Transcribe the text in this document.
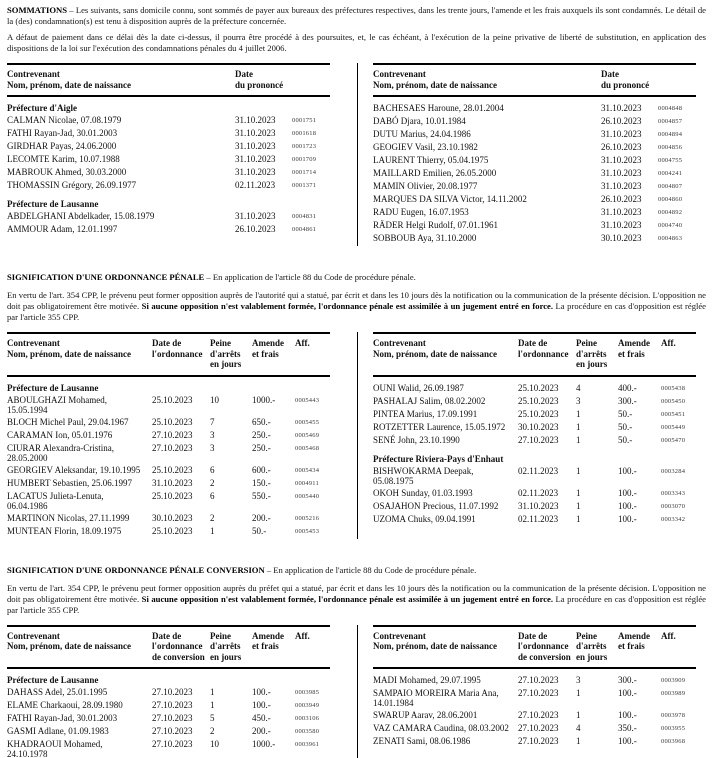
SOMMATIONS – Les suivants, sans domicile connu, sont sommés de payer aux bureaux des préfectures respectives, dans les trente jours, l'amende et les frais auxquels ils sont condamnés. Le détail de la (des) condamnation(s) est tenu à disposition auprès de la préfecture concernée.

A défaut de paiement dans ce délai dès la date ci-dessus, il pourra être procédé à des poursuites, et, le cas échéant, à l'exécution de la peine privative de liberté de substitution, en application des dispositions de la loi sur l'exécution des condamnations pénales du 4 juillet 2006.

Contrevenant
Nom, prénom, date de naissance
Date
du prononcé
Préfecture d'Aigle
CALMAN Nicolae, 07.08.1979	31.10.2023	0001751
FATHI Rayan-Jad, 30.01.2003	31.10.2023	0001618
GIRDHAR Payas, 24.06.2000	31.10.2023	0001723
LECOMTE Karim, 10.07.1988	31.10.2023	0001709
MABROUK Ahmed, 30.03.2000	31.10.2023	0001714
THOMASSIN Grégory, 26.09.1977	02.11.2023	0001371
Préfecture de Lausanne
ABDELGHANI Abdelkader, 15.08.1979	31.10.2023	0004831
AMMOUR Adam, 12.01.1997	26.10.2023	0004861
Contrevenant
Nom, prénom, date de naissance
Date
du prononcé
BACHESAES Haroune, 28.01.2004	31.10.2023	0004848
DABÓ Djara, 10.01.1984	26.10.2023	0004857
DUTU Marius, 24.04.1986	31.10.2023	0004894
GEOGIEV Vasil, 23.10.1982	26.10.2023	0004856
LAURENT Thierry, 05.04.1975	31.10.2023	0004755
MAILLARD Emilien, 26.05.2000	31.10.2023	0004241
MAMIN Olivier, 20.08.1977	31.10.2023	0004807
MARQUES DA SILVA Victor, 14.11.2002	26.10.2023	0004860
RADU Eugen, 16.07.1953	31.10.2023	0004892
RÄDER Helgi Rudolf, 07.01.1961	31.10.2023	0004740
SOBBOUB Aya, 31.10.2000	30.10.2023	0004863

SIGNIFICATION D'UNE ORDONNANCE PÉNALE – En application de l'article 88 du Code de procédure pénale.

En vertu de l'art. 354 CPP, le prévenu peut former opposition auprès de l'autorité qui a statué, par écrit et dans les 10 jours dès la notification ou la communication de la présente décision. L'opposition ne doit pas obligatoirement être motivée. Si aucune opposition n'est valablement formée, l'ordonnance pénale est assimilée à un jugement entré en force. La procédure en cas d'opposition est réglée par l'article 355 CPP.

Contrevenant
Nom, prénom, date de naissance
Date de
l'ordonnance
Peine
d'arrêts
en jours
Amende
et frais
Aff.
Préfecture de Lausanne
ABOULGHAZI Mohamed,
15.05.1994
25.10.2023	10	1000.-	0005443
BLOCH Michel Paul, 29.04.1967	25.10.2023	7	650.-	0005455
CARAMAN Ion, 05.01.1976	27.10.2023	3	250.-	0005469
CIURAR Alexandra-Cristina,
28.05.2000
27.10.2023	3	250.-	0005468
GEORGIEV Aleksandar, 19.10.1995	25.10.2023	6	600.-	0005434
HUMBERT Sebastien, 25.06.1997	31.10.2023	2	150.-	0004911
LACATUS Julieta-Lenuta,
06.04.1986
25.10.2023	6	550.-	0005440
MARTINON Nicolas, 27.11.1999	30.10.2023	2	200.-	0005216
MUNTEAN Florin, 18.09.1975	25.10.2023	1	50.-	0005453
Contrevenant
Nom, prénom, date de naissance
Date de
l'ordonnance
Peine
d'arrêts
en jours
Amende
et frais
Aff.
OUNI Walid, 26.09.1987	25.10.2023	4	400.-	0005438
PASHALAJ Salim, 08.02.2002	25.10.2023	3	300.-	0005450
PINTEA Marius, 17.09.1991	25.10.2023	1	50.-	0005451
ROTZETTER Laurence, 15.05.1972	30.10.2023	1	50.-	0005449
SENÉ John, 23.10.1990	27.10.2023	1	50.-	0005470
Préfecture Riviera-Pays d'Enhaut
BISHWOKARMA Deepak,
05.08.1975
02.11.2023	1	100.-	0003284
OKOH Sunday, 01.03.1993	02.11.2023	1	100.-	0003343
OSAJAHON Precious, 11.07.1992	31.10.2023	1	100.-	0003070
UZOMA Chuks, 09.04.1991	02.11.2023	1	100.-	0003342

SIGNIFICATION D'UNE ORDONNANCE PÉNALE CONVERSION – En application de l'article 88 du Code de procédure pénale.

En vertu de l'art. 354 CPP, le prévenu peut former opposition auprès du préfet qui a statué, par écrit et dans les 10 jours dès la notification ou la communication de la présente décision. L'opposition ne doit pas obligatoirement être motivée. Si aucune opposition n'est valablement formée, l'ordonnance pénale est assimilée à un jugement entré en force. La procédure en cas d'opposition est réglée par l'article 355 CPP.

Contrevenant
Nom, prénom, date de naissance
Date de
l'ordonnance
de conversion
Peine
d'arrêts
en jours
Amende
et frais
Aff.
Préfecture de Lausanne
DAHASS Adel, 25.01.1995	27.10.2023	1	100.-	0003985
ELAME Charkaoui, 28.09.1980	27.10.2023	1	100.-	0003949
FATHI Rayan-Jad, 30.01.2003	27.10.2023	5	450.-	0003106
GASMI Adlane, 01.09.1983	27.10.2023	2	200.-	0003580
KHADRAOUI Mohamed,
24.10.1978
27.10.2023	10	1000.-	0003961
Contrevenant
Nom, prénom, date de naissance
Date de
l'ordonnance
de conversion
Peine
d'arrêts
en jours
Amende
et frais
Aff.
MADI Mohamed, 29.07.1995	27.10.2023	3	300.-	0003909
SAMPAIO MOREIRA Maria Ana,
14.01.1984
27.10.2023	1	100.-	0003989
SWARUP Aarav, 28.06.2001	27.10.2023	1	100.-	0003978
VAZ CAMARA Caudina, 08.03.2002	27.10.2023	4	350.-	0003955
ZENATI Sami, 08.06.1986	27.10.2023	1	100.-	0003968
